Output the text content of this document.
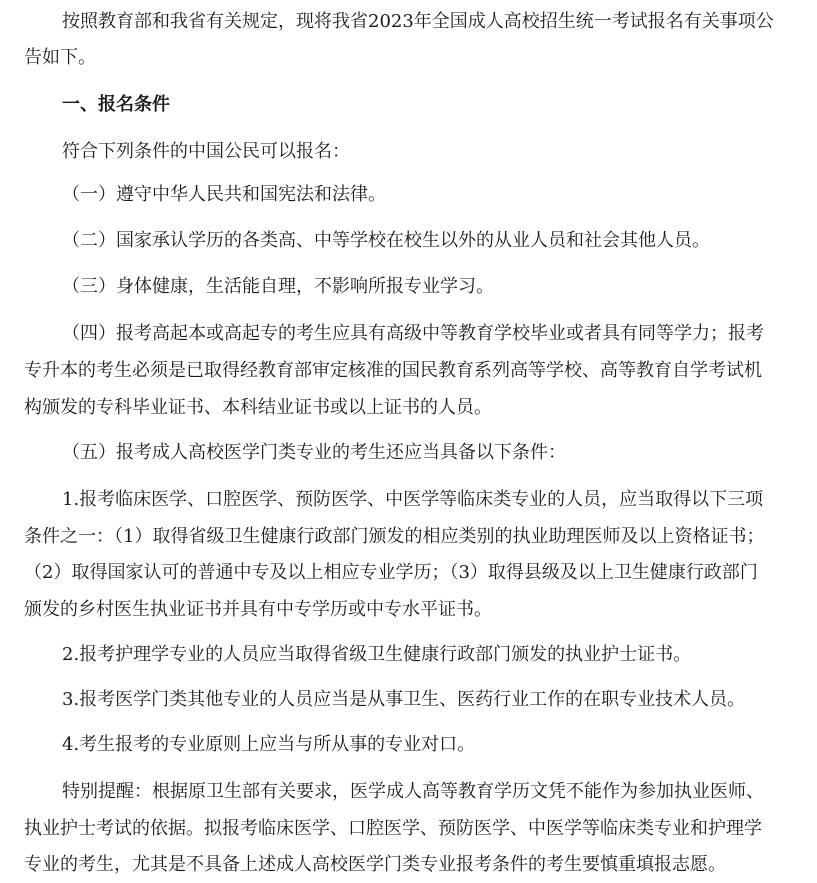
按照教育部和我省有关规定，现将我省2023年全国成人高校招生统一考试报名有关事项公
告如下。
一、报名条件
符合下列条件的中国公民可以报名：
（一）遵守中华人民共和国宪法和法律。
（二）国家承认学历的各类高、中等学校在校生以外的从业人员和社会其他人员。
（三）身体健康，生活能自理，不影响所报专业学习。
（四）报考高起本或高起专的考生应具有高级中等教育学校毕业或者具有同等学力；报考
专升本的考生必须是已取得经教育部审定核准的国民教育系列高等学校、高等教育自学考试机
构颁发的专科毕业证书、本科结业证书或以上证书的人员。
（五）报考成人高校医学门类专业的考生还应当具备以下条件：
1.报考临床医学、口腔医学、预防医学、中医学等临床类专业的人员，应当取得以下三项
条件之一：（1）取得省级卫生健康行政部门颁发的相应类别的执业助理医师及以上资格证书；
（2）取得国家认可的普通中专及以上相应专业学历；（3）取得县级及以上卫生健康行政部门
颁发的乡村医生执业证书并具有中专学历或中专水平证书。
2.报考护理学专业的人员应当取得省级卫生健康行政部门颁发的执业护士证书。
3.报考医学门类其他专业的人员应当是从事卫生、医药行业工作的在职专业技术人员。
4.考生报考的专业原则上应当与所从事的专业对口。
特别提醒：根据原卫生部有关要求，医学成人高等教育学历文凭不能作为参加执业医师、
执业护士考试的依据。拟报考临床医学、口腔医学、预防医学、中医学等临床类专业和护理学
专业的考生，尤其是不具备上述成人高校医学门类专业报考条件的考生要慎重填报志愿。
